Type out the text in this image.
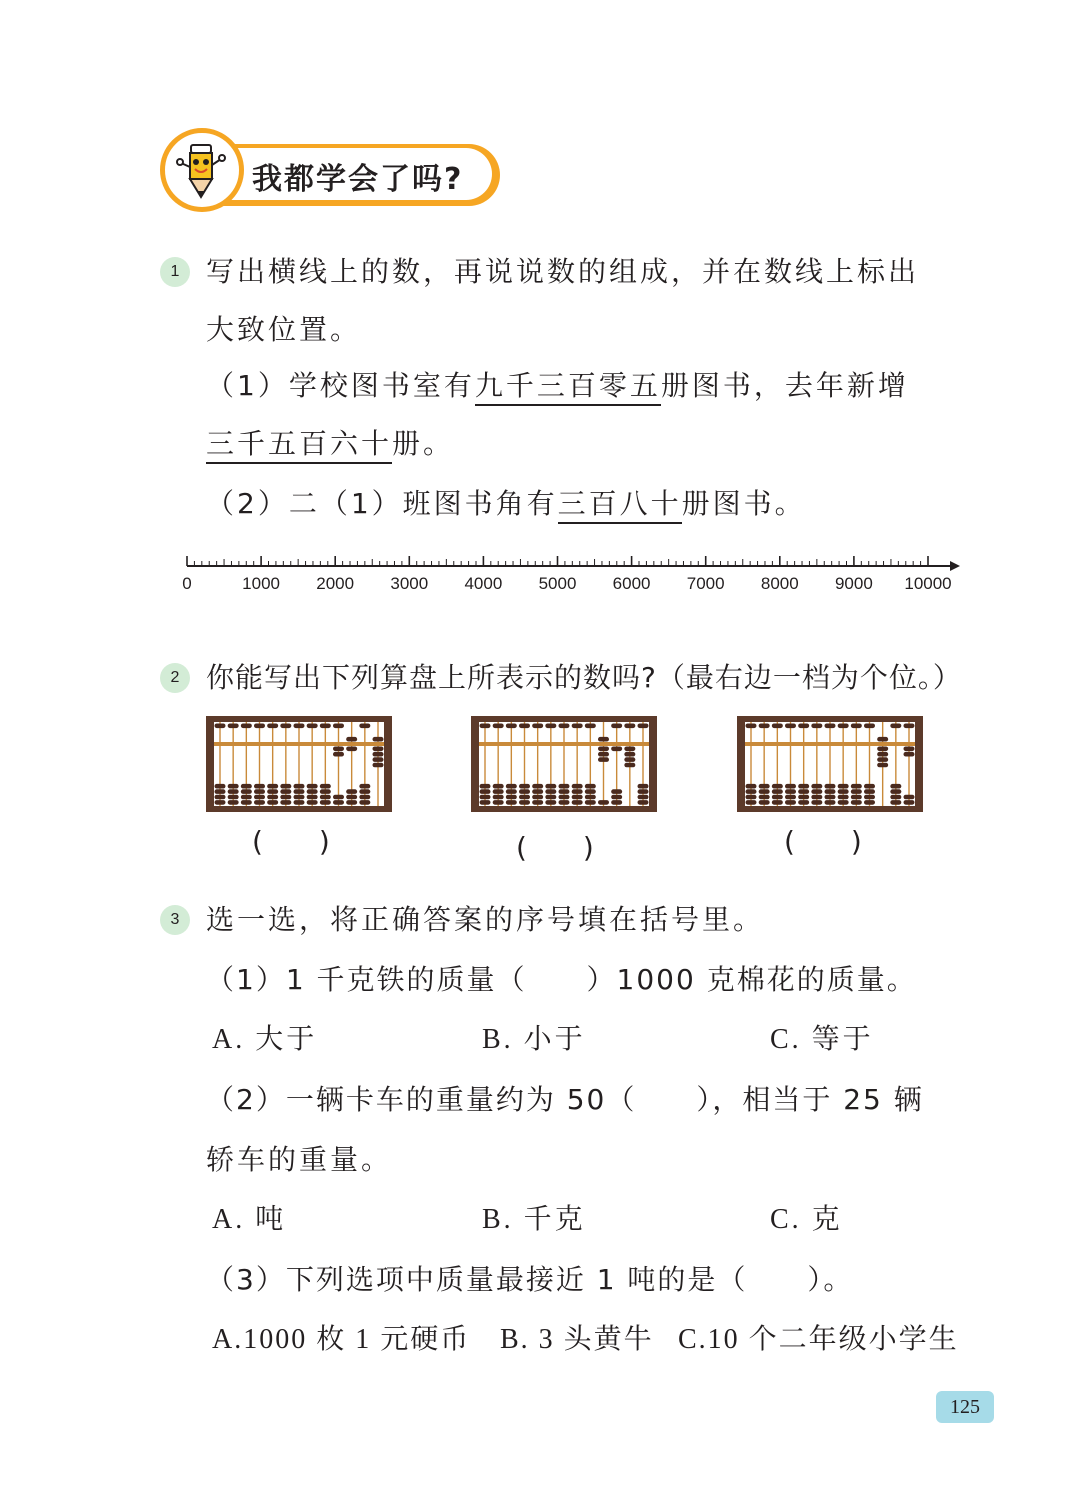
我都学会了吗?
1 写出横线上的数，再说说数的组成，并在数线上标出
大致位置。
（1）学校图书室有九千三百零五册图书，去年新增
三千五百六十册。
（2）二（1）班图书角有三百八十册图书。
0	1000 2000 3000 4000 5000 6000 7000 8000 9000 10000
2 你能写出下列算盘上所表示的数吗?（最右边一档为个位。）
(　　)	(　　)	(　　)
3 选一选，将正确答案的序号填在括号里。
（1）1 千克铁的质量（　　）1000 克棉花的质量。
A. 大于	B. 小于	C. 等于
（2）一辆卡车的重量约为 50（　　），相当于 25 辆
轿车的重量。
A. 吨	B. 千克	C. 克
（3）下列选项中质量最接近 1 吨的是（　　）。
A.1000 枚 1 元硬币 B. 3 头黄牛 C.10 个二年级小学生
125
